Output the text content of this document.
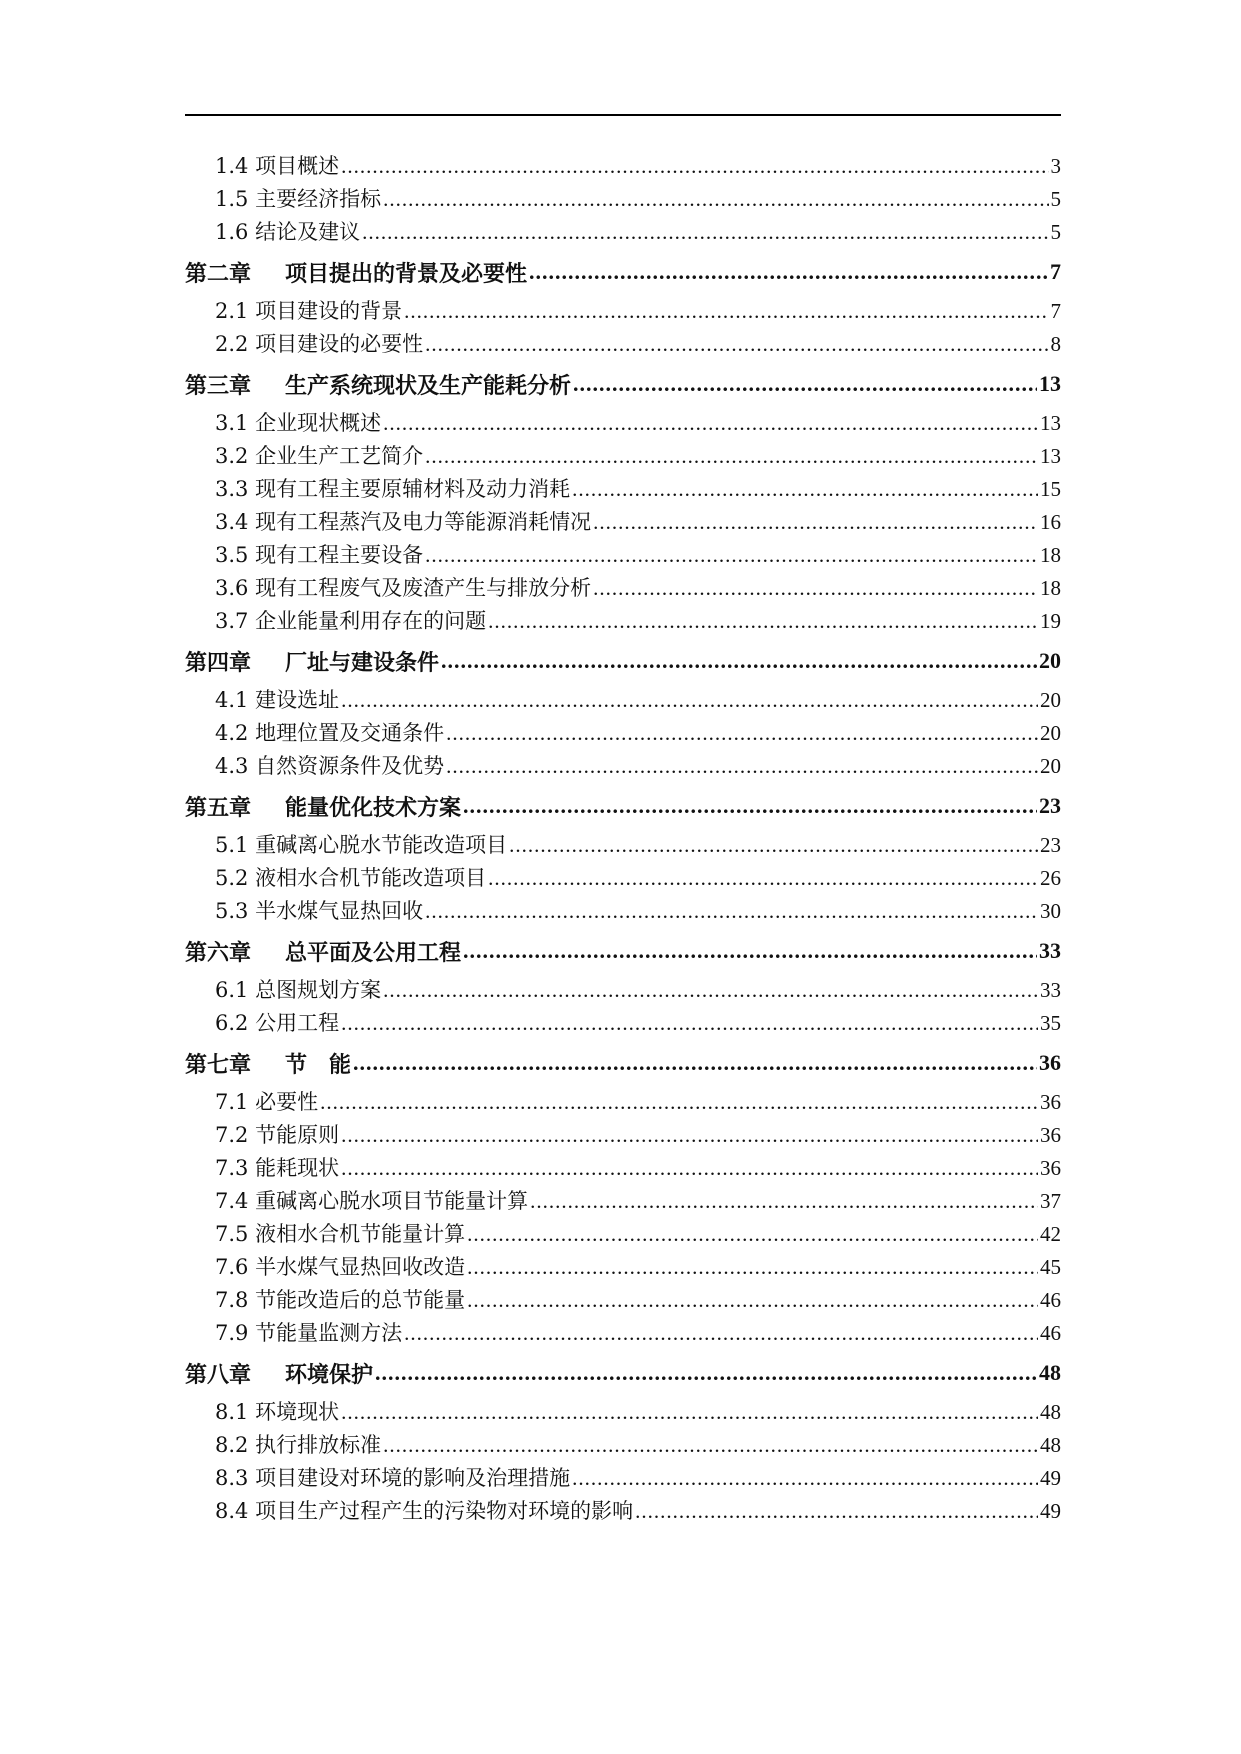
1.4 项目概述 .....	3
1.5 主要经济指标 .....	5
1.6 结论及建议 .....	5
第二章	项目提出的背景及必要性 .....	7
2.1 项目建设的背景 .....	7
2.2 项目建设的必要性 .....	8
第三章	生产系统现状及生产能耗分析 .....	13
3.1 企业现状概述 .....	13
3.2 企业生产工艺简介 .....	13
3.3 现有工程主要原辅材料及动力消耗 .....	15
3.4 现有工程蒸汽及电力等能源消耗情况 .....	16
3.5 现有工程主要设备 .....	18
3.6 现有工程废气及废渣产生与排放分析 .....	18
3.7 企业能量利用存在的问题 .....	19
第四章	厂址与建设条件 .....	20
4.1 建设选址 .....	20
4.2 地理位置及交通条件 .....	20
4.3 自然资源条件及优势 .....	20
第五章	能量优化技术方案 .....	23
5.1 重碱离心脱水节能改造项目 .....	23
5.2 液相水合机节能改造项目 .....	26
5.3 半水煤气显热回收 .....	30
第六章	总平面及公用工程 .....	33
6.1 总图规划方案 .....	33
6.2 公用工程 .....	35
第七章	节　能 .....	36
7.1 必要性 .....	36
7.2 节能原则 .....	36
7.3 能耗现状 .....	36
7.4 重碱离心脱水项目节能量计算 .....	37
7.5 液相水合机节能量计算 .....	42
7.6 半水煤气显热回收改造 .....	45
7.8 节能改造后的总节能量 .....	46
7.9 节能量监测方法 .....	46
第八章	环境保护 .....	48
8.1 环境现状 .....	48
8.2 执行排放标准 .....	48
8.3 项目建设对环境的影响及治理措施 .....	49
8.4 项目生产过程产生的污染物对环境的影响 .....	49
